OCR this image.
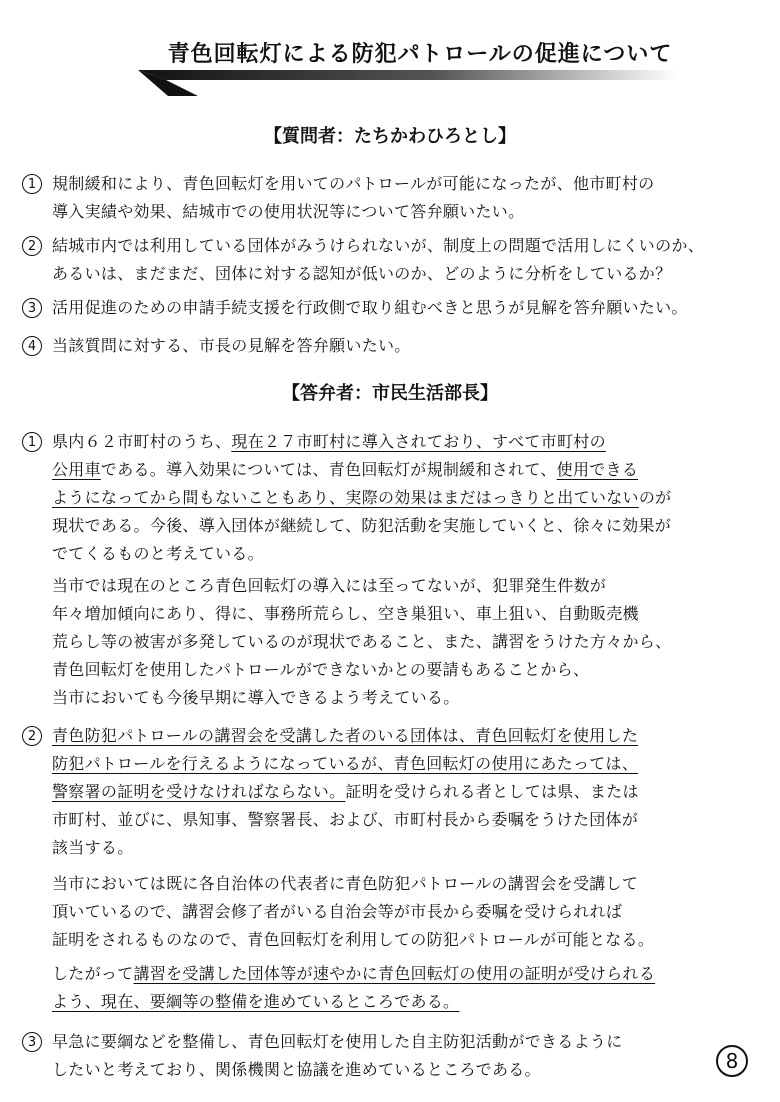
青色回転灯による防犯パトロールの促進について
【質問者：たちかわひろとし】
1 規制緩和により、青色回転灯を用いてのパトロールが可能になったが、他市町村の
導入実績や効果、結城市での使用状況等について答弁願いたい。
2 結城市内では利用している団体がみうけられないが、制度上の問題で活用しにくいのか、
あるいは、まだまだ、団体に対する認知が低いのか、どのように分析をしているか？
3 活用促進のための申請手続支援を行政側で取り組むべきと思うが見解を答弁願いたい。
4 当該質問に対する、市長の見解を答弁願いたい。
【答弁者：市民生活部長】
1 県内６２市町村のうち、現在２７市町村に導入されており、すべて市町村の
公用車である。導入効果については、青色回転灯が規制緩和されて、使用できる
ようになってから間もないこともあり、実際の効果はまだはっきりと出ていないのが
現状である。今後、導入団体が継続して、防犯活動を実施していくと、徐々に効果が
でてくるものと考えている。
当市では現在のところ青色回転灯の導入には至ってないが、犯罪発生件数が
年々増加傾向にあり、得に、事務所荒らし、空き巣狙い、車上狙い、自動販売機
荒らし等の被害が多発しているのが現状であること、また、講習をうけた方々から、
青色回転灯を使用したパトロールができないかとの要請もあることから、
当市においても今後早期に導入できるよう考えている。
2 青色防犯パトロールの講習会を受講した者のいる団体は、青色回転灯を使用した
防犯パトロールを行えるようになっているが、青色回転灯の使用にあたっては、
警察署の証明を受けなければならない。証明を受けられる者としては県、または
市町村、並びに、県知事、警察署長、および、市町村長から委嘱をうけた団体が
該当する。
当市においては既に各自治体の代表者に青色防犯パトロールの講習会を受講して
頂いているので、講習会修了者がいる自治会等が市長から委嘱を受けられれば
証明をされるものなので、青色回転灯を利用しての防犯パトロールが可能となる。
したがって講習を受講した団体等が速やかに青色回転灯の使用の証明が受けられる
よう、現在、要綱等の整備を進めているところである。
3 早急に要綱などを整備し、青色回転灯を使用した自主防犯活動ができるように
したいと考えており、関係機関と協議を進めているところである。	8
